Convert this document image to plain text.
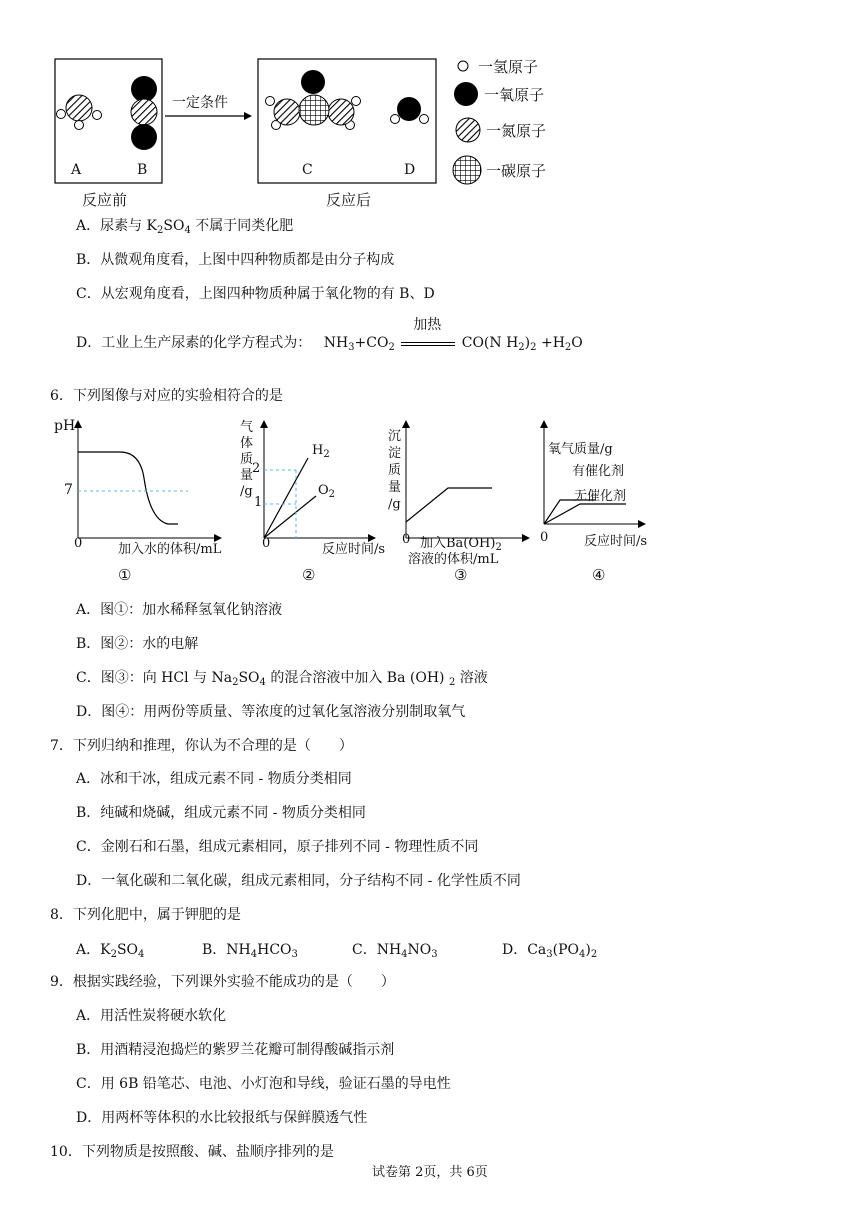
A	B	C	D
一定条件
反应前	反应后
一氢原子
一氧原子
一氮原子
一碳原子
A．尿素与 $K_2SO_4$ 不属于同类化肥
B．从微观角度看，上图中四种物质都是由分子构成
C．从宏观角度看，上图四种物质种属于氧化物的有 B、D
D．工业上生产尿素的化学方程式为： $NH_3+CO_2$
加热
CO(N $H_2)_2 +H_2O$
6．下列图像与对应的实验相符合的是
pH
7
0	加入水的体积/mL
①
气
体
质
量
/g
2
1
0
$H_2$
$O_2$
反应时间/s
②
沉
淀
质
量
/g
0 加入$Ba(OH)_2$
溶液的体积/mL
③
氧气质量/g
有催化剂
无催化剂
0	反应时间/s
④
A．图①：加水稀释氢氧化钠溶液
B．图②：水的电解
C．图③：向 HCl 与 $Na_2SO_4$ 的混合溶液中加入 Ba (OH) $_2$ 溶液
D．图④：用两份等质量、等浓度的过氧化氢溶液分别制取氧气
7．下列归纳和推理，你认为不合理的是（　　）
A．冰和干冰，组成元素不同 - 物质分类相同
B．纯碱和烧碱，组成元素不同 - 物质分类相同
C．金刚石和石墨，组成元素相同，原子排列不同 - 物理性质不同
D．一氧化碳和二氧化碳，组成元素相同，分子结构不同 - 化学性质不同
8．下列化肥中，属于钾肥的是
A．$K_2SO_4$	B．$NH_4HCO_3$	C．$NH_4NO_3$	D．$Ca_3(PO_4)_2$
9．根据实践经验，下列课外实验不能成功的是（　　）
A．用活性炭将硬水软化
B．用酒精浸泡捣烂的紫罗兰花瓣可制得酸碱指示剂
C．用 6B 铅笔芯、电池、小灯泡和导线，验证石墨的导电性
D．用两杯等体积的水比较报纸与保鲜膜透气性
10．下列物质是按照酸、碱、盐顺序排列的是
试卷第 2页，共 6页
